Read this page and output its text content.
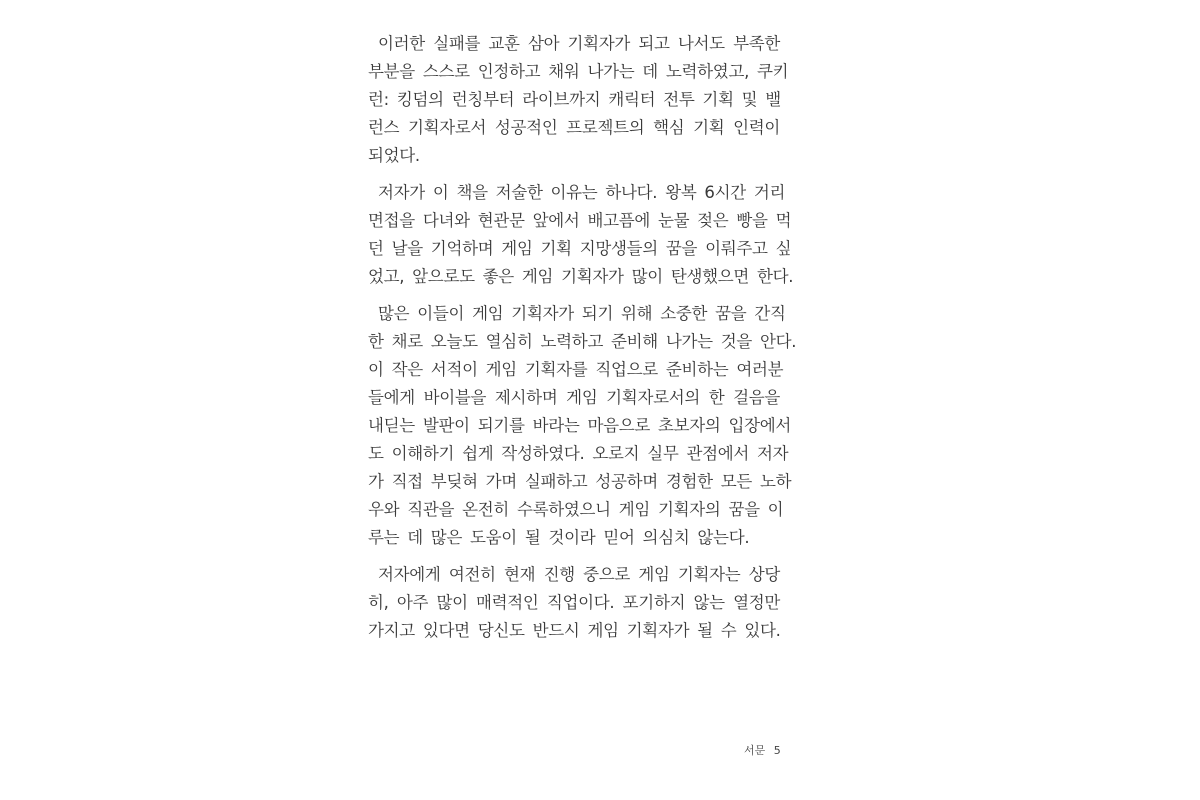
이러한 실패를 교훈 삼아 기획자가 되고 나서도 부족한
부분을 스스로 인정하고 채워 나가는 데 노력하였고, 쿠키
런: 킹덤의 런칭부터 라이브까지 캐릭터 전투 기획 및 밸
런스 기획자로서 성공적인 프로젝트의 핵심 기획 인력이
되었다.
저자가 이 책을 저술한 이유는 하나다. 왕복 6시간 거리
면접을 다녀와 현관문 앞에서 배고픔에 눈물 젖은 빵을 먹
던 날을 기억하며 게임 기획 지망생들의 꿈을 이뤄주고 싶
었고, 앞으로도 좋은 게임 기획자가 많이 탄생했으면 한다.
많은 이들이 게임 기획자가 되기 위해 소중한 꿈을 간직
한 채로 오늘도 열심히 노력하고 준비해 나가는 것을 안다.
이 작은 서적이 게임 기획자를 직업으로 준비하는 여러분
들에게 바이블을 제시하며 게임 기획자로서의 한 걸음을
내딛는 발판이 되기를 바라는 마음으로 초보자의 입장에서
도 이해하기 쉽게 작성하였다. 오로지 실무 관점에서 저자
가 직접 부딪혀 가며 실패하고 성공하며 경험한 모든 노하
우와 직관을 온전히 수록하였으니 게임 기획자의 꿈을 이
루는 데 많은 도움이 될 것이라 믿어 의심치 않는다.
저자에게 여전히 현재 진행 중으로 게임 기획자는 상당
히, 아주 많이 매력적인 직업이다. 포기하지 않는 열정만
가지고 있다면 당신도 반드시 게임 기획자가 될 수 있다.
서문 5
